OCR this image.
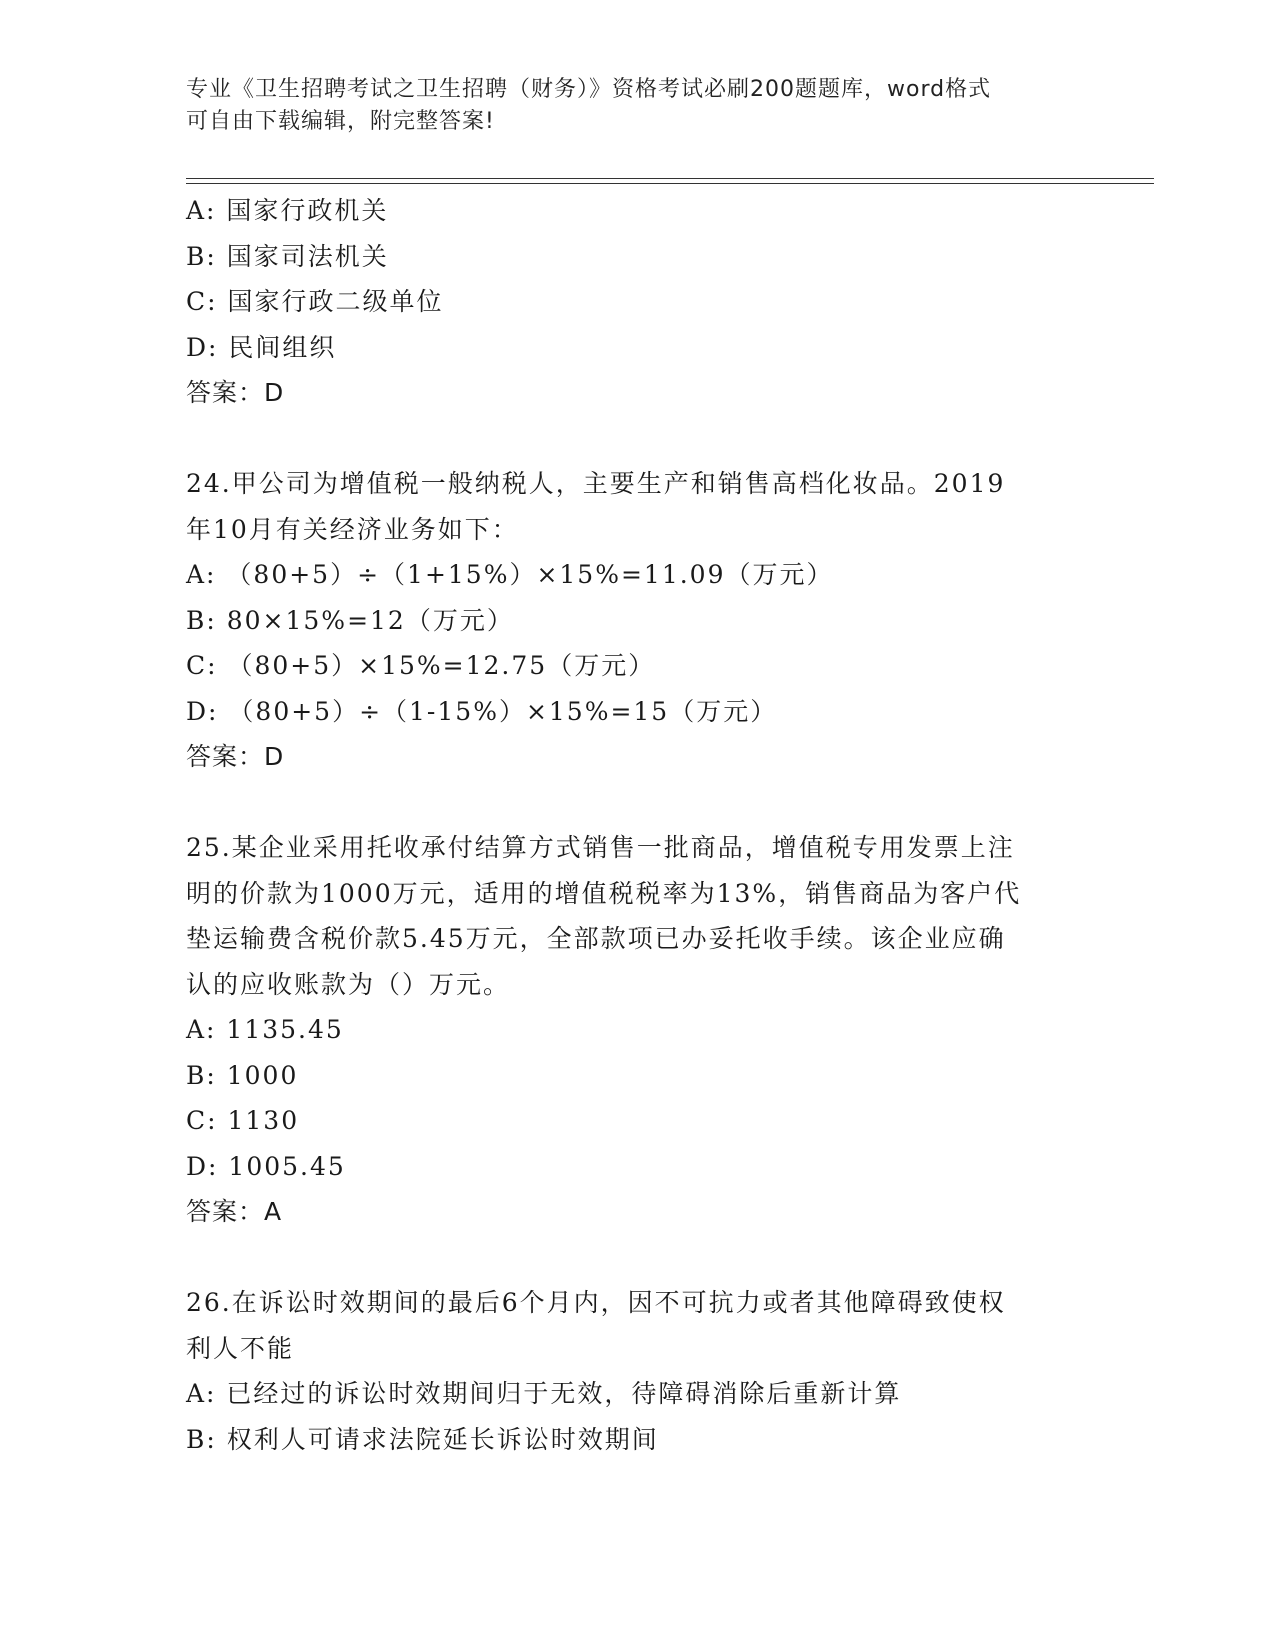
专业《卫生招聘考试之卫生招聘（财务）》资格考试必刷200题题库，word格式
可自由下载编辑，附完整答案!
A: 国家行政机关
B: 国家司法机关
C: 国家行政二级单位
D: 民间组织
答案：D
24.甲公司为增值税一般纳税人，主要生产和销售高档化妆品。2019
年10月有关经济业务如下：
A: （80+5）÷（1+15%）×15%=11.09（万元）
B: 80×15%=12（万元）
C: （80+5）×15%=12.75（万元）
D: （80+5）÷（1-15%）×15%=15（万元）
答案：D
25.某企业采用托收承付结算方式销售一批商品，增值税专用发票上注
明的价款为1000万元，适用的增值税税率为13%，销售商品为客户代
垫运输费含税价款5.45万元，全部款项已办妥托收手续。该企业应确
认的应收账款为（）万元。
A: 1135.45
B: 1000
C: 1130
D: 1005.45
答案：A
26.在诉讼时效期间的最后6个月内，因不可抗力或者其他障碍致使权
利人不能
A: 已经过的诉讼时效期间归于无效，待障碍消除后重新计算
B: 权利人可请求法院延长诉讼时效期间
